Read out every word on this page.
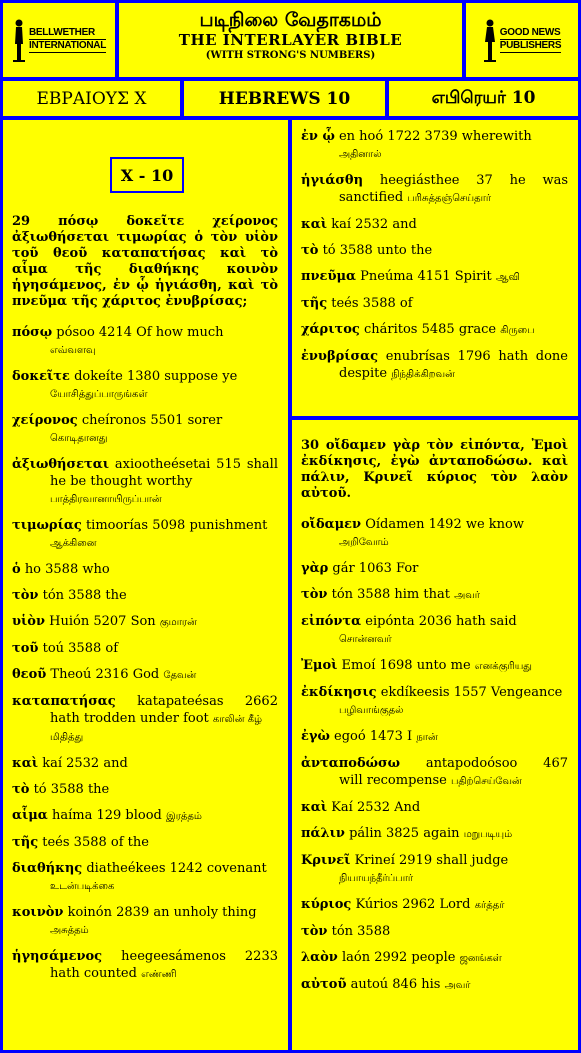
BELLWETHER
INTERNATIONAL
படிநிலை வேதாகமம்
THE INTERLAYER BIBLE
(WITH STRONG'S NUMBERS)
GOOD NEWS
PUBLISHERS
ΕΒΡΑΙΟΥΣ X	HEBREWS 10	எபிரெயர் 10
X - 10
29 πόσῳ δοκεῖτε χείρονος ἀξιωθήσεται τιμωρίας ὁ τὸν υἱὸν τοῦ θεοῦ καταπατήσας καὶ τὸ αἷμα τῆς διαθήκης κοινὸν ἡγησάμενος, ἐν ᾧ ἡγιάσθη, καὶ τὸ πνεῦμα τῆς χάριτος ἐνυβρίσας;
πόσῳ pósoo 4214 Of how much
எவ்வளவு
δοκεῖτε dokeíte 1380 suppose ye
யோசித்துப்பாருங்கள்
χείρονος cheíronos 5501 sorer
கொடிதானது
ἀξιωθήσεται axiootheésetai 515 shall
he be thought worthy பாத்திரவானாயிருப்பான்
τιμωρίας timoorías 5098 punishment
ஆக்கினை
ὁ ho 3588 who
τὸν tón 3588 the
υἱὸν Huión 5207 Son குமாரன்
τοῦ toú 3588 of
θεοῦ Theoú 2316 God தேவன்
καταπατήσας katapateésas 2662
hath trodden under foot காலின் கீழ் மிதித்து
καὶ kaí 2532 and
τὸ tó 3588 the
αἷμα haíma 129 blood இரத்தம்
τῆς teés 3588 of the
διαθήκης diatheékees 1242 covenant
உடன்படிக்கை
κοινὸν koinón 2839 an unholy thing
அசுத்தம்
ἡγησάμενος heegeesámenos 2233
hath counted எண்ணி
ἐν ᾧ en hoó 1722 3739 wherewith
அதினால்
ἡγιάσθη heegiásthee 37 he was
sanctified பரிசுத்தஞ்செய்தார்
καὶ kaí 2532 and
τὸ tó 3588 unto the
πνεῦμα Pneúma 4151 Spirit ஆவி
τῆς teés 3588 of
χάριτος cháritos 5485 grace கிருபை
ἐνυβρίσας enubrísas 1796 hath done
despite நிந்திக்கிறவன்
30 οἴδαμεν γὰρ τὸν εἰπόντα, Ἐμοὶ ἐκδίκησις, ἐγὼ ἀνταποδώσω. καὶ πάλιν, Κρινεῖ κύριος τὸν λαὸν αὐτοῦ.
οἴδαμεν Oídamen 1492 we know
அறிவோம்
γὰρ gár 1063 For
τὸν tón 3588 him that அவர்
εἰπόντα eipónta 2036 hath said
சொன்னவர்
Ἐμοὶ Emoí 1698 unto me எனக்குரியது
ἐκδίκησις ekdíkeesis 1557 Vengeance
பழிவாங்குதல்
ἐγὼ egoó 1473 I நான்
ἀνταποδώσω antapodoósoo 467
will recompense பதிற்செய்வேன்
καὶ Kaí 2532 And
πάλιν pálin 3825 again மறுபடியும்
Κρινεῖ Krineí 2919 shall judge
நியாயந்தீர்ப்பார்
κύριος Kúrios 2962 Lord கர்த்தர்
τὸν tón 3588
λαὸν laón 2992 people ஜனங்கள்
αὐτοῦ autoú 846 his அவர்
